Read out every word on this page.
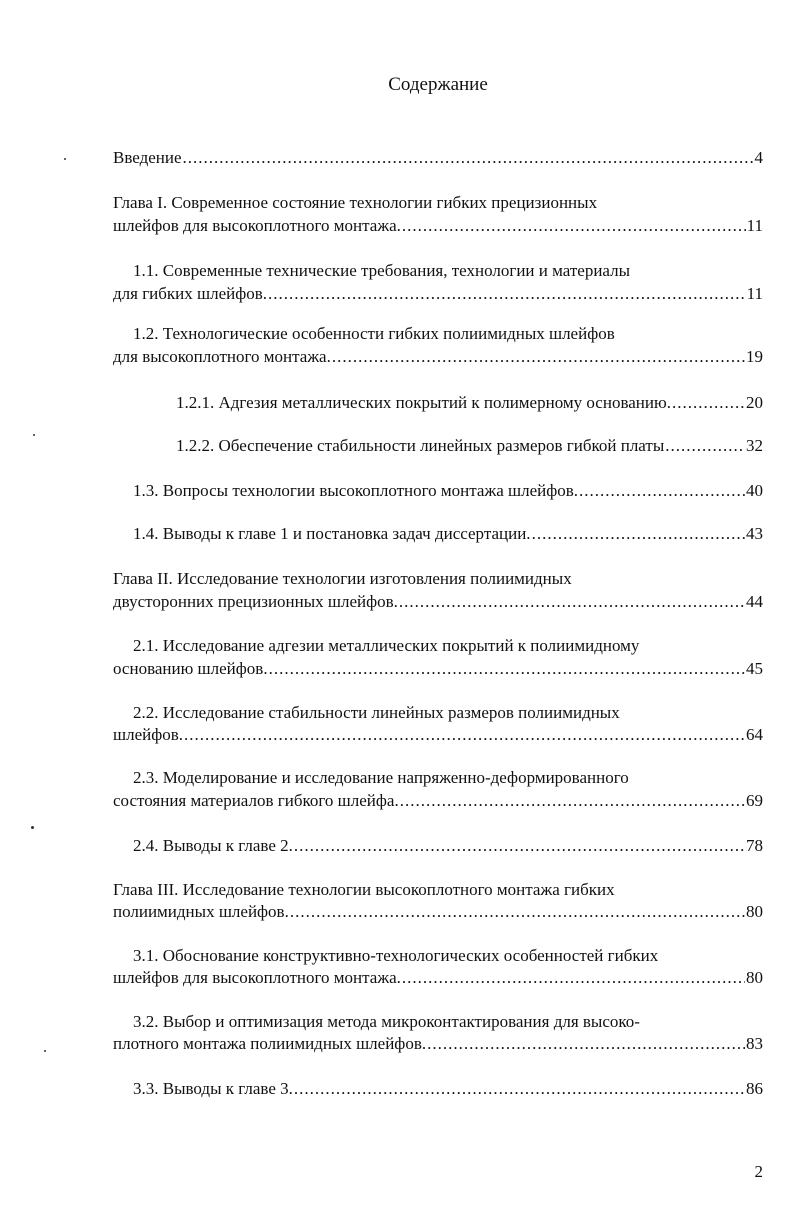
Содержание
Введение .....	4
Глава I. Современное состояние технологии гибких прецизионных
шлейфов для высокоплотного монтажа. .....	11
1.1. Современные технические требования, технологии и материалы
для гибких шлейфов. .....	11
1.2. Технологические особенности гибких полиимидных шлейфов
для высокоплотного монтажа. .....	19
1.2.1. Адгезия металлических покрытий к полимерному основанию. .....	20
1.2.2. Обеспечение стабильности линейных размеров гибкой платы .....	32
1.3. Вопросы технологии высокоплотного монтажа шлейфов. .....	40
1.4. Выводы к главе 1 и постановка задач диссертации. .....	43
Глава II. Исследование технологии изготовления полиимидных
двусторонних прецизионных шлейфов. .....	44
2.1. Исследование адгезии металлических покрытий к полиимидному
основанию шлейфов. .....	45
2.2. Исследование стабильности линейных размеров полиимидных
шлейфов. .....	64
2.3. Моделирование и исследование напряженно-деформированного
состояния материалов гибкого шлейфа. .....	69
2.4. Выводы к главе 2. .....	78
Глава III. Исследование технологии высокоплотного монтажа гибких
полиимидных шлейфов. .....	80
3.1. Обоснование конструктивно-технологических особенностей гибких
шлейфов для высокоплотного монтажа. .....	80
3.2. Выбор и оптимизация метода микроконтактирования для высоко-
плотного монтажа полиимидных шлейфов. .....	83
3.3. Выводы к главе 3. .....	86
2
